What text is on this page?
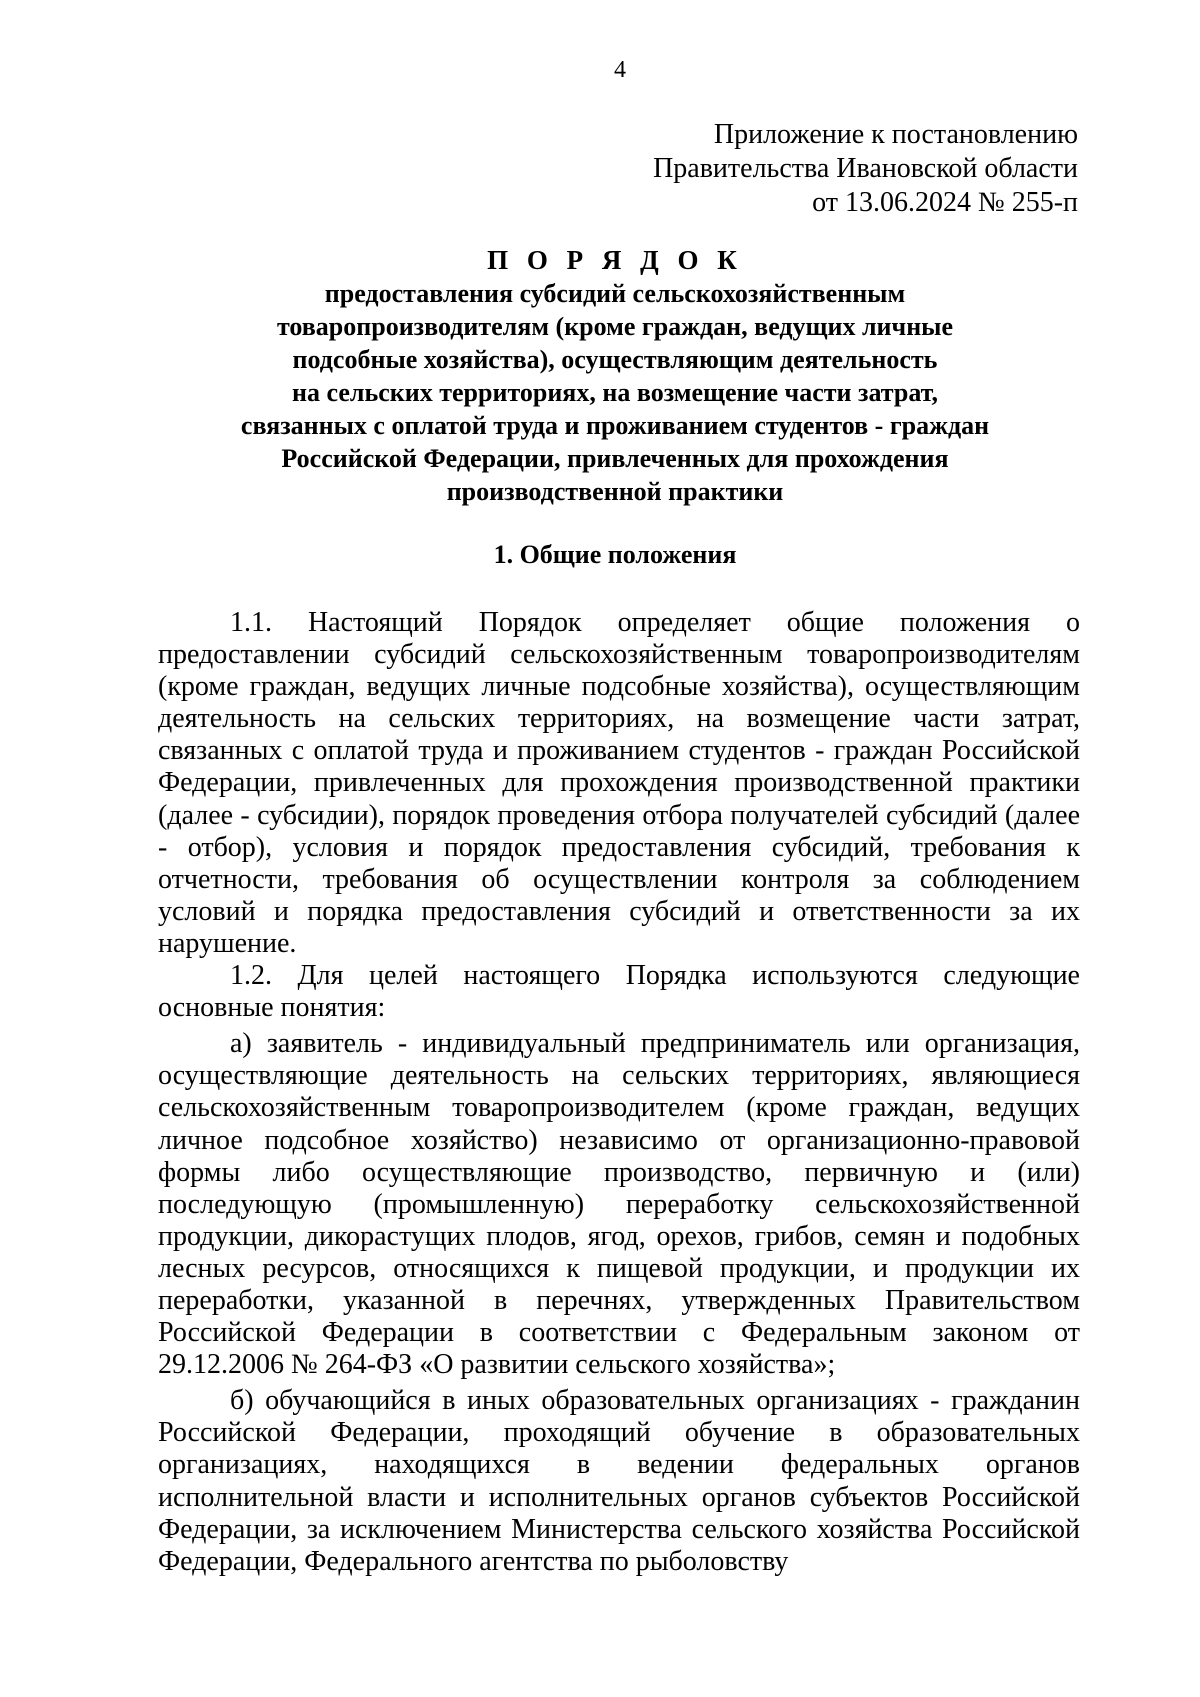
4
Приложение к постановлению
Правительства Ивановской области
от 13.06.2024 № 255-п
П О Р Я Д О К
предоставления субсидий сельскохозяйственным
товаропроизводителям (кроме граждан, ведущих личные
подсобные хозяйства), осуществляющим деятельность
на сельских территориях, на возмещение части затрат,
связанных с оплатой труда и проживанием студентов - граждан
Российской Федерации, привлеченных для прохождения
производственной практики
1. Общие положения

1.1. Настоящий Порядок определяет общие положения о предоставлении субсидий сельскохозяйственным товаропроизводителям (кроме граждан, ведущих личные подсобные хозяйства), осуществляющим деятельность на сельских территориях, на возмещение части затрат, связанных с оплатой труда и проживанием студентов - граждан Российской Федерации, привлеченных для прохождения производственной практики (далее - субсидии), порядок проведения отбора получателей субсидий (далее - отбор), условия и порядок предоставления субсидий, требования к отчетности, требования об осуществлении контроля за соблюдением условий и порядка предоставления субсидий и ответственности за их нарушение.

1.2. Для целей настоящего Порядка используются следующие основные понятия:

а) заявитель - индивидуальный предприниматель или организация, осуществляющие деятельность на сельских территориях, являющиеся сельскохозяйственным товаропроизводителем (кроме граждан, ведущих личное подсобное хозяйство) независимо от организационно-правовой формы либо осуществляющие производство, первичную и (или) последующую (промышленную) переработку сельскохозяйственной продукции, дикорастущих плодов, ягод, орехов, грибов, семян и подобных лесных ресурсов, относящихся к пищевой продукции, и продукции их переработки, указанной в перечнях, утвержденных Правительством Российской Федерации в соответствии с Федеральным законом от 29.12.2006 № 264-ФЗ «О развитии сельского хозяйства»;

б) обучающийся в иных образовательных организациях - гражданин Российской Федерации, проходящий обучение в образовательных организациях, находящихся в ведении федеральных органов исполнительной власти и исполнительных органов субъектов Российской Федерации, за исключением Министерства сельского хозяйства Российской Федерации, Федерального агентства по рыболовству
